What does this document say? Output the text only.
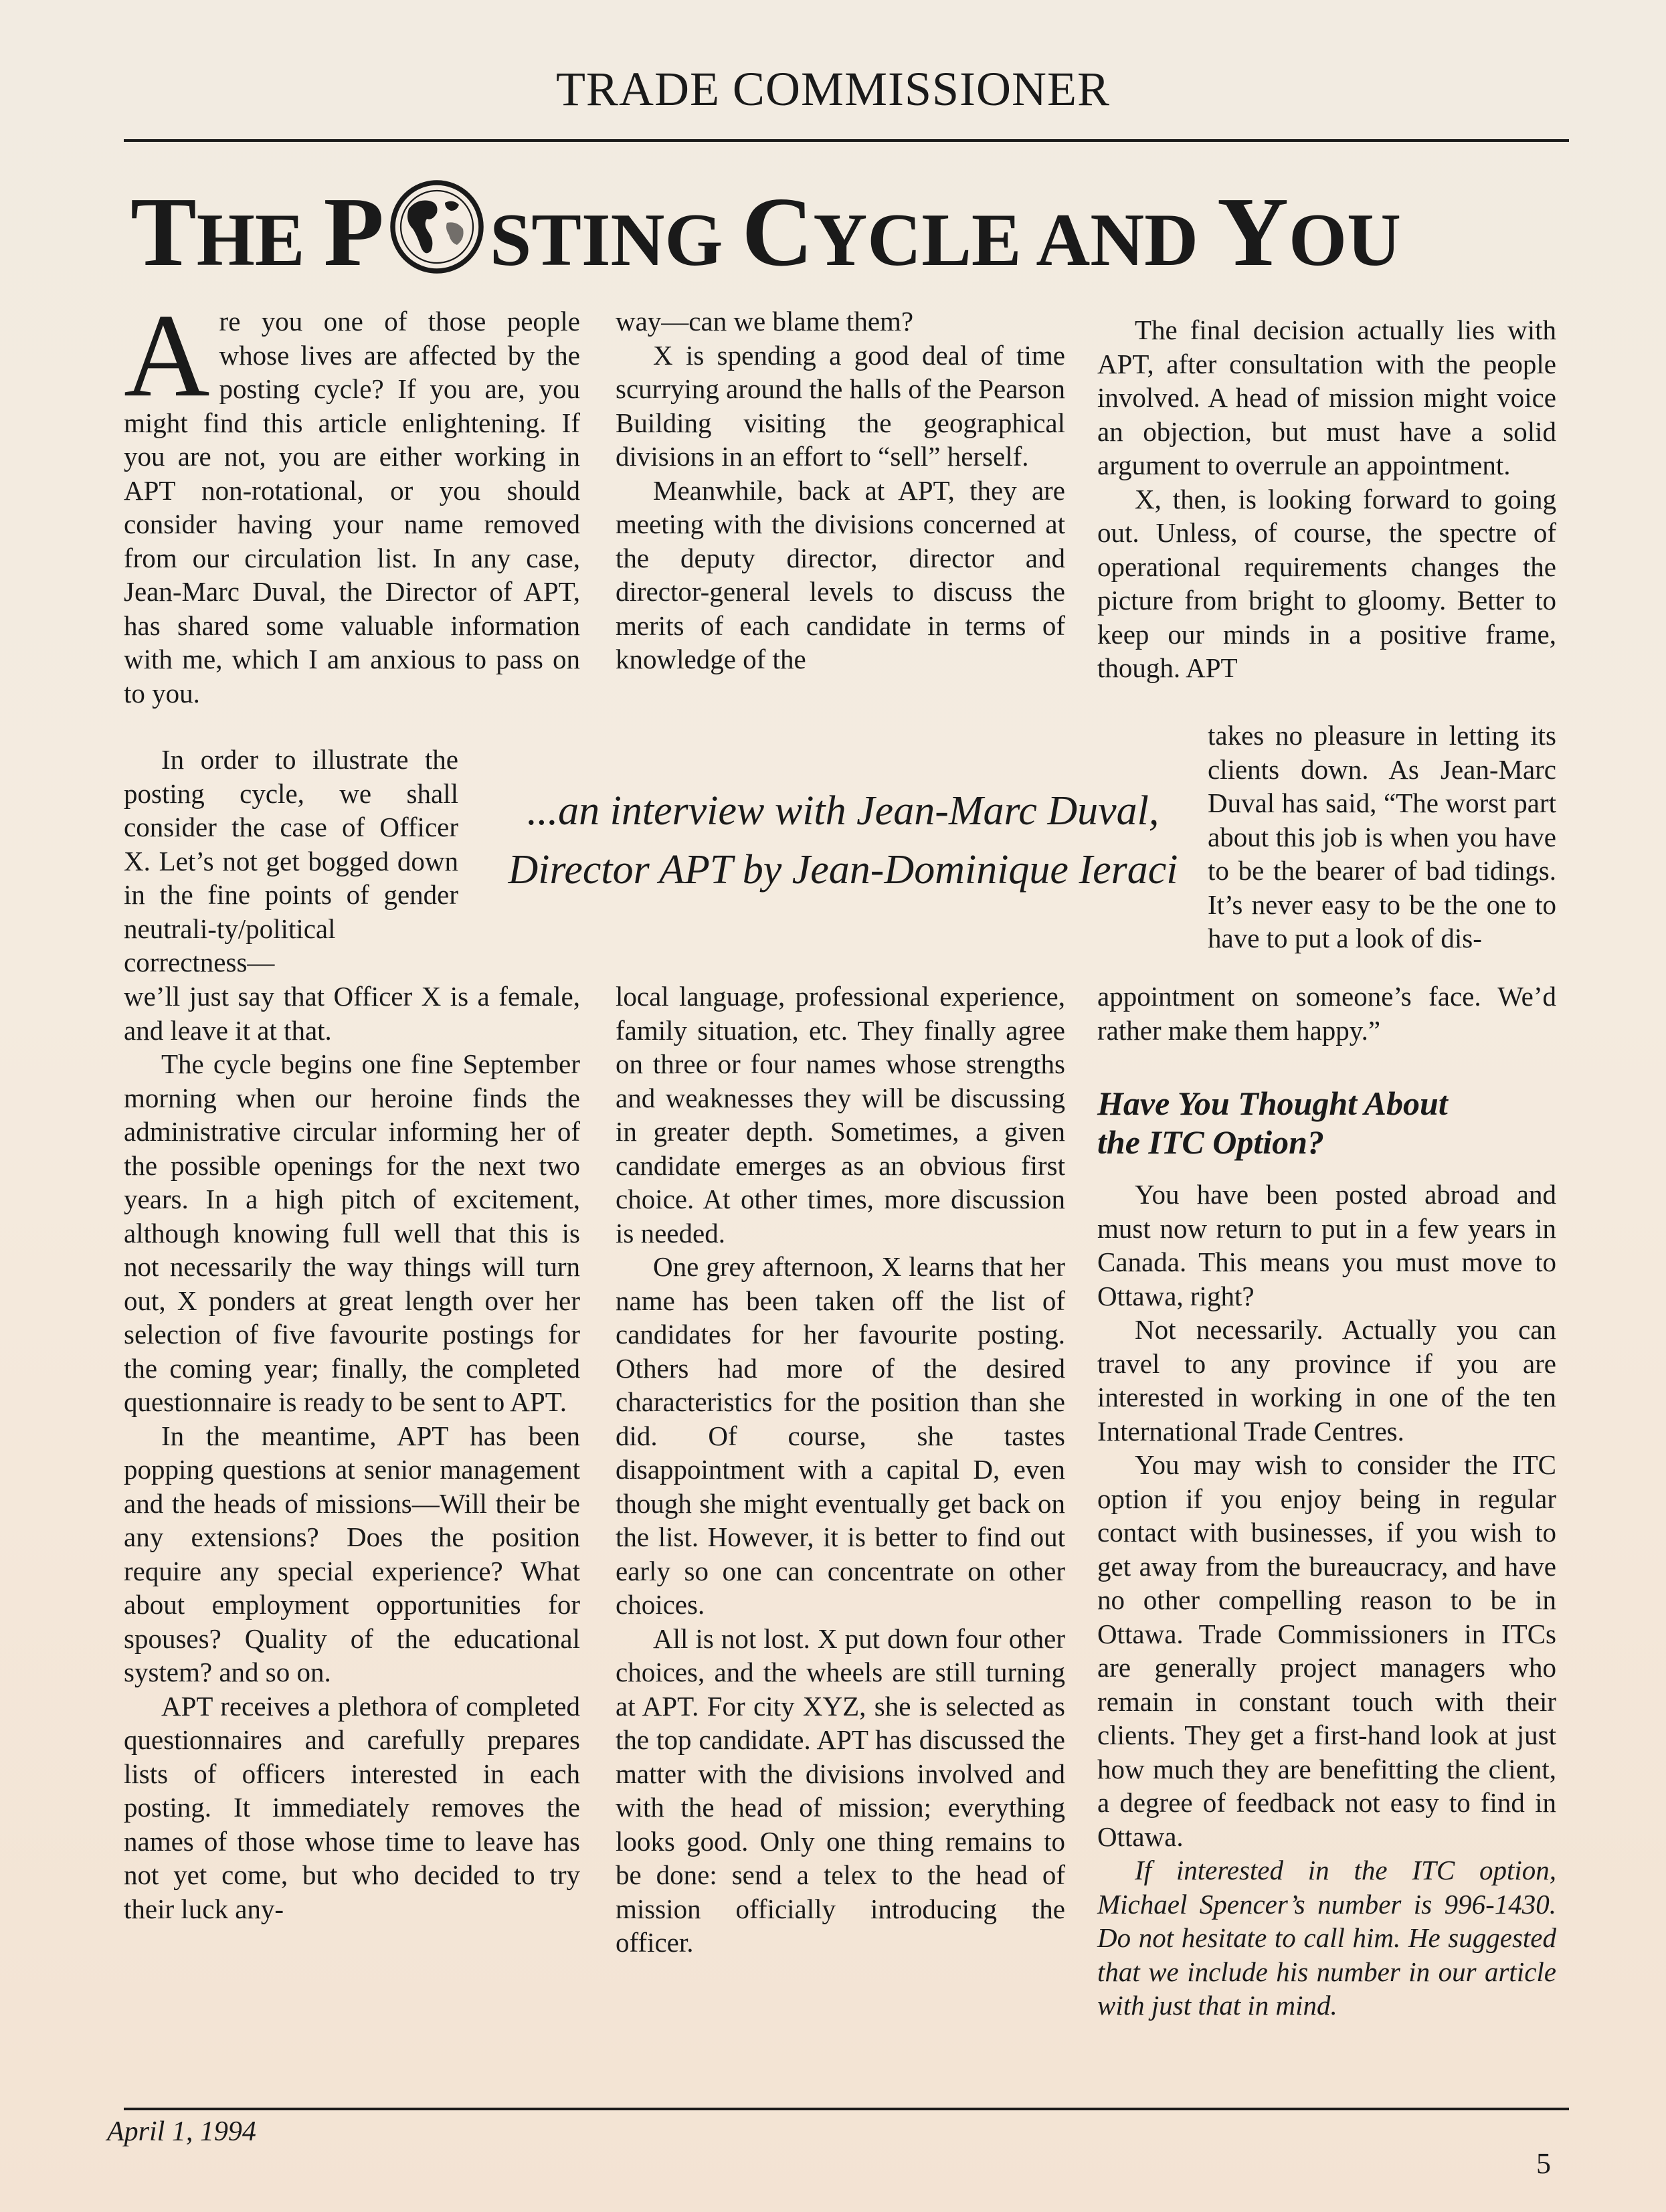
TRADE COMMISSIONER
THE P STING CYCLE AND YOU

Are you one of those people whose lives are affected by the posting cycle? If you are, you might find this article enlightening. If you are not, you are either working in APT non-rotational, or you should consider having your name removed from our circulation list. In any case, Jean-Marc Duval, the Director of APT, has shared some valuable information with me, which I am anxious to pass on to you.

In order to illustrate the posting cycle, we shall consider the case of Officer X. Let’s not get bogged down in the fine points of gender neutrali-ty/political correctness—

we’ll just say that Officer X is a female, and leave it at that.

The cycle begins one fine September morning when our heroine finds the administrative circular informing her of the possible openings for the next two years. In a high pitch of excitement, although knowing full well that this is not necessarily the way things will turn out, X ponders at great length over her selection of five favourite postings for the coming year; finally, the completed questionnaire is ready to be sent to APT.

In the meantime, APT has been popping questions at senior management and the heads of missions—Will their be any extensions? Does the position require any special experience? What about employment opportunities for spouses? Quality of the educational system? and so on.

APT receives a plethora of completed questionnaires and carefully prepares lists of officers interested in each posting. It immediately removes the names of those whose time to leave has not yet come, but who decided to try their luck any-

way—can we blame them?

X is spending a good deal of time scurrying around the halls of the Pearson Building visiting the geographical divisions in an effort to “sell” herself.

Meanwhile, back at APT, they are meeting with the divisions concerned at the deputy director, director and director-general levels to discuss the merits of each candidate in terms of knowledge of the

...an interview with Jean-Marc Duval,
Director APT by Jean-Dominique Ieraci

local language, professional experience, family situation, etc. They finally agree on three or four names whose strengths and weaknesses they will be discussing in greater depth. Sometimes, a given candidate emerges as an obvious first choice. At other times, more discussion is needed.

One grey afternoon, X learns that her name has been taken off the list of candidates for her favourite posting. Others had more of the desired characteristics for the position than she did. Of course, she tastes disappointment with a capital D, even though she might eventually get back on the list. However, it is better to find out early so one can concentrate on other choices.

All is not lost. X put down four other choices, and the wheels are still turning at APT. For city XYZ, she is selected as the top candidate. APT has discussed the matter with the divisions involved and with the head of mission; everything looks good. Only one thing remains to be done: send a telex to the head of mission officially introducing the officer.

The final decision actually lies with APT, after consultation with the people involved. A head of mission might voice an objection, but must have a solid argument to overrule an appointment.

X, then, is looking forward to going out. Unless, of course, the spectre of operational requirements changes the picture from bright to gloomy. Better to keep our minds in a positive frame, though. APT

takes no pleasure in letting its clients down. As Jean-Marc Duval has said, “The worst part about this job is when you have to be the bearer of bad tidings. It’s never easy to be the one to have to put a look of dis-

appointment on someone’s face. We’d rather make them happy.”

Have You Thought About
the ITC Option?

You have been posted abroad and must now return to put in a few years in Canada. This means you must move to Ottawa, right?

Not necessarily. Actually you can travel to any province if you are interested in working in one of the ten International Trade Centres.

You may wish to consider the ITC option if you enjoy being in regular contact with businesses, if you wish to get away from the bureaucracy, and have no other compelling reason to be in Ottawa. Trade Commissioners in ITCs are generally project managers who remain in constant touch with their clients. They get a first-hand look at just how much they are benefitting the client, a degree of feedback not easy to find in Ottawa.

If interested in the ITC option, Michael Spencer’s number is 996-1430. Do not hesitate to call him. He suggested that we include his number in our article with just that in mind.

April 1, 1994
5
